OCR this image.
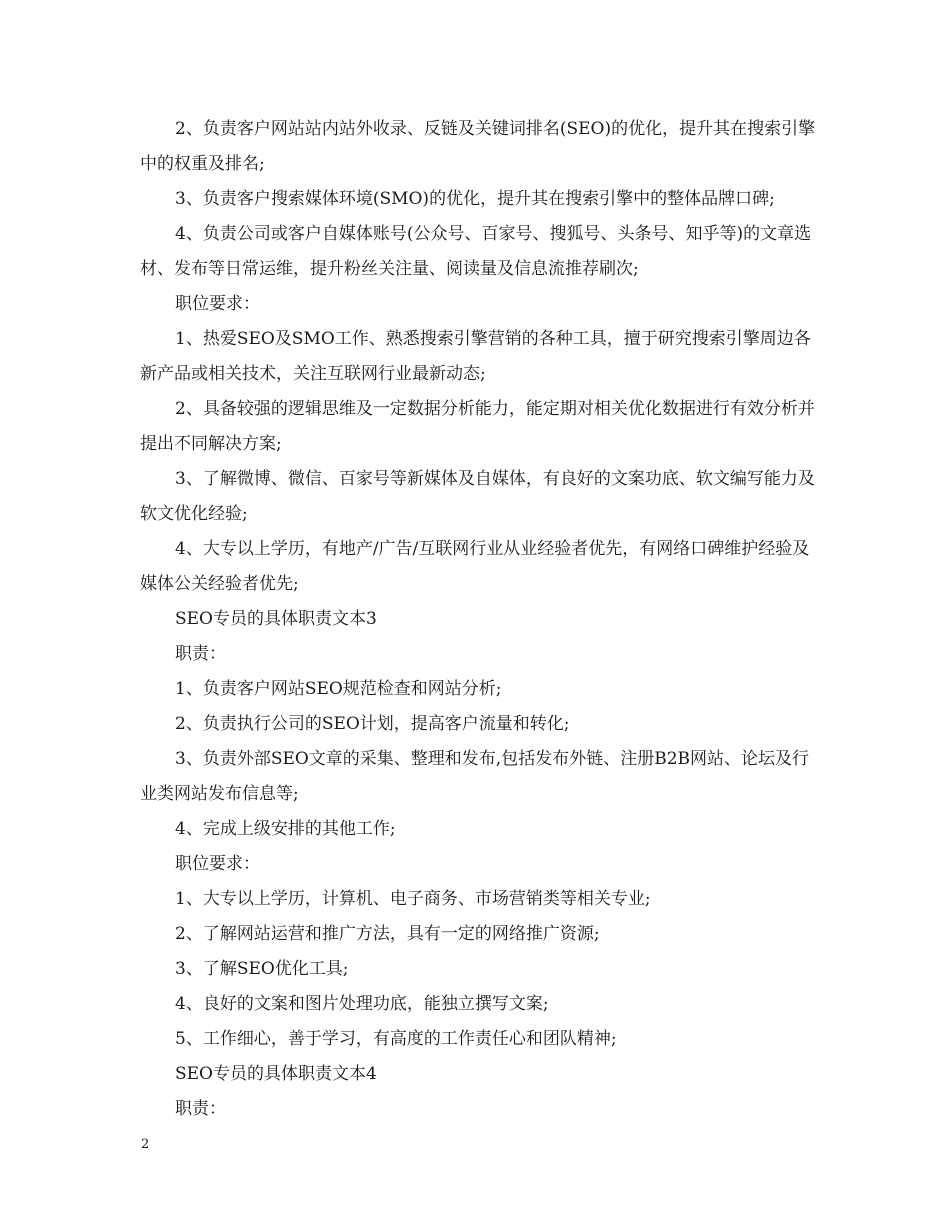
2、负责客户网站站内站外收录、反链及关键词排名(SEO)的优化，提升其在搜索引擎中的权重及排名;

3、负责客户搜索媒体环境(SMO)的优化，提升其在搜索引擎中的整体品牌口碑;

4、负责公司或客户自媒体账号(公众号、百家号、搜狐号、头条号、知乎等)的文章选材、发布等日常运维，提升粉丝关注量、阅读量及信息流推荐刷次;

职位要求：

1、热爱SEO及SMO工作、熟悉搜索引擎营销的各种工具，擅于研究搜索引擎周边各新产品或相关技术，关注互联网行业最新动态;

2、具备较强的逻辑思维及一定数据分析能力，能定期对相关优化数据进行有效分析并提出不同解决方案;

3、了解微博、微信、百家号等新媒体及自媒体，有良好的文案功底、软文编写能力及软文优化经验;

4、大专以上学历，有地产/广告/互联网行业从业经验者优先，有网络口碑维护经验及媒体公关经验者优先;

SEO专员的具体职责文本3

职责：

1、负责客户网站SEO规范检查和网站分析;

2、负责执行公司的SEO计划，提高客户流量和转化;

3、负责外部SEO文章的采集、整理和发布,包括发布外链、注册B2B网站、论坛及行业类网站发布信息等;

4、完成上级安排的其他工作;

职位要求：

1、大专以上学历，计算机、电子商务、市场营销类等相关专业;

2、了解网站运营和推广方法，具有一定的网络推广资源;

3、了解SEO优化工具;

4、良好的文案和图片处理功底，能独立撰写文案;

5、工作细心，善于学习，有高度的工作责任心和团队精神;

SEO专员的具体职责文本4

职责：

2
